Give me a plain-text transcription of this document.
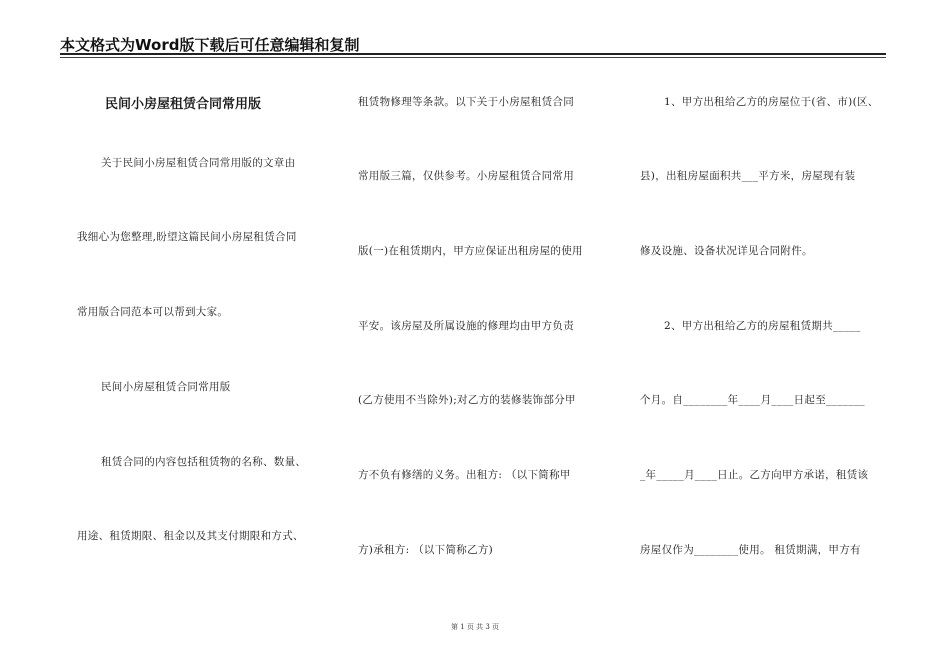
本文格式为Word版下载后可任意编辑和复制
民间小房屋租赁合同常用版
关于民间小房屋租赁合同常用版的文章由
我细心为您整理,盼望这篇民间小房屋租赁合同
常用版合同范本可以帮到大家。
民间小房屋租赁合同常用版
租赁合同的内容包括租赁物的名称、数量、
用途、租赁期限、租金以及其支付期限和方式、
租赁物修理等条款。以下关于小房屋租赁合同
常用版三篇，仅供参考。小房屋租赁合同常用
版(一)在租赁期内，甲方应保证出租房屋的使用
平安。该房屋及所属设施的修理均由甲方负责
(乙方使用不当除外);对乙方的装修装饰部分甲
方不负有修缮的义务。出租方: （以下简称甲
方)承租方: （以下简称乙方)
1、甲方出租给乙方的房屋位于(省、市)(区、
县)，出租房屋面积共___平方米，房屋现有装
修及设施、设备状况详见合同附件。
2、甲方出租给乙方的房屋租赁期共_____
个月。自________年____月____日起至_______
_年_____月____日止。乙方向甲方承诺，租赁该
房屋仅作为________使用。 租赁期满，甲方有
第 1 页 共 3 页
